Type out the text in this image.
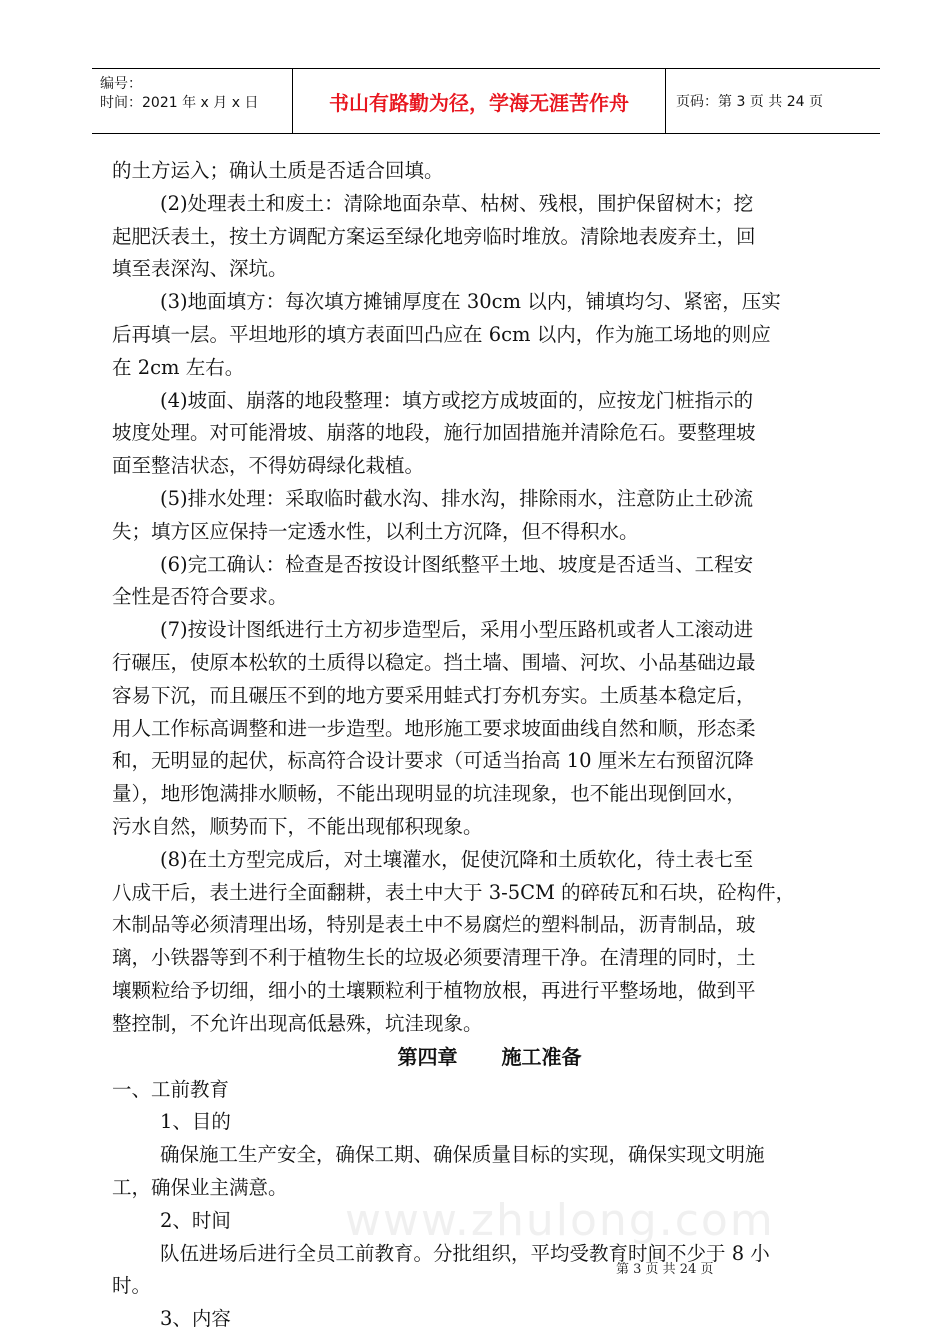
编号：
时间：2021 年 x 月 x 日	书山有路勤为径，学海无涯苦作舟	页码：第 3 页 共 24 页

的土方运入；确认土质是否适合回填。

(2)处理表土和废土：清除地面杂草、枯树、残根，围护保留树木；挖

起肥沃表土，按土方调配方案运至绿化地旁临时堆放。清除地表废弃土，回

填至表深沟、深坑。

(3)地面填方：每次填方摊铺厚度在 30cm 以内，铺填均匀、紧密，压实

后再填一层。平坦地形的填方表面凹凸应在 6cm 以内，作为施工场地的则应

在 2cm 左右。

(4)坡面、崩落的地段整理：填方或挖方成坡面的，应按龙门桩指示的

坡度处理。对可能滑坡、崩落的地段，施行加固措施并清除危石。要整理坡

面至整洁状态，不得妨碍绿化栽植。

(5)排水处理：采取临时截水沟、排水沟，排除雨水，注意防止土砂流

失；填方区应保持一定透水性，以利土方沉降，但不得积水。

(6)完工确认：检查是否按设计图纸整平土地、坡度是否适当、工程安

全性是否符合要求。

(7)按设计图纸进行土方初步造型后，采用小型压路机或者人工滚动进

行碾压，使原本松软的土质得以稳定。挡土墙、围墙、河坎、小品基础边最

容易下沉，而且碾压不到的地方要采用蛙式打夯机夯实。土质基本稳定后，

用人工作标高调整和进一步造型。地形施工要求坡面曲线自然和顺，形态柔

和，无明显的起伏，标高符合设计要求（可适当抬高 10 厘米左右预留沉降

量），地形饱满排水顺畅，不能出现明显的坑洼现象，也不能出现倒回水，

污水自然，顺势而下，不能出现郁积现象。

(8)在土方型完成后，对土壤灌水，促使沉降和土质软化，待土表七至

八成干后，表土进行全面翻耕，表土中大于 3-5CM 的碎砖瓦和石块，砼构件，

木制品等必须清理出场，特别是表土中不易腐烂的塑料制品，沥青制品，玻

璃，小铁器等到不利于植物生长的垃圾必须要清理干净。在清理的同时，土

壤颗粒给予切细，细小的土壤颗粒利于植物放根，再进行平整场地，做到平

整控制，不允许出现高低悬殊，坑洼现象。

第四章 施工准备

一、工前教育

1、目的

确保施工生产安全，确保工期、确保质量目标的实现，确保实现文明施

工，确保业主满意。

2、时间

队伍进场后进行全员工前教育。分批组织，平均受教育时间不少于 8 小

时。

3、内容

www.zhulong.com
第 3 页 共 24 页
